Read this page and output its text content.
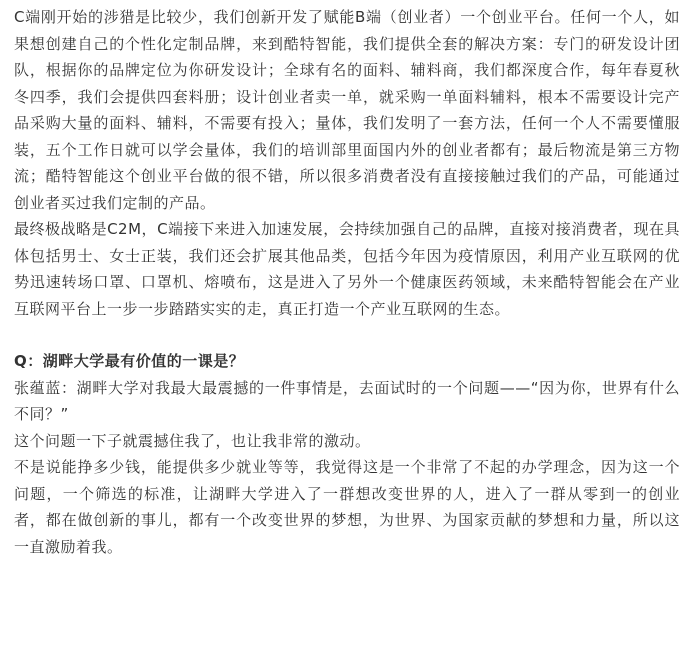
C端刚开始的涉猎是比较少，我们创新开发了赋能B端（创业者）一个创业平台。任何一个人，如果想创建自己的个性化定制品牌，来到酷特智能，我们提供全套的解决方案：专门的研发设计团队，根据你的品牌定位为你研发设计；全球有名的面料、辅料商，我们都深度合作，每年春夏秋冬四季，我们会提供四套料册；设计创业者卖一单，就采购一单面料辅料，根本不需要设计完产品采购大量的面料、辅料，不需要有投入；量体，我们发明了一套方法，任何一个人不需要懂服装，五个工作日就可以学会量体，我们的培训部里面国内外的创业者都有；最后物流是第三方物流；酷特智能这个创业平台做的很不错，所以很多消费者没有直接接触过我们的产品，可能通过创业者买过我们定制的产品。

最终极战略是C2M，C端接下来进入加速发展，会持续加强自己的品牌，直接对接消费者，现在具体包括男士、女士正装，我们还会扩展其他品类，包括今年因为疫情原因，利用产业互联网的优势迅速转场口罩、口罩机、熔喷布，这是进入了另外一个健康医药领域，未来酷特智能会在产业互联网平台上一步一步踏踏实实的走，真正打造一个产业互联网的生态。

Q：湖畔大学最有价值的一课是？

张蕴蓝：湖畔大学对我最大最震撼的一件事情是，去面试时的一个问题——“因为你，世界有什么不同？”

这个问题一下子就震撼住我了，也让我非常的激动。

不是说能挣多少钱，能提供多少就业等等，我觉得这是一个非常了不起的办学理念，因为这一个问题，一个筛选的标准，让湖畔大学进入了一群想改变世界的人，进入了一群从零到一的创业者，都在做创新的事儿，都有一个改变世界的梦想，为世界、为国家贡献的梦想和力量，所以这一直激励着我。
